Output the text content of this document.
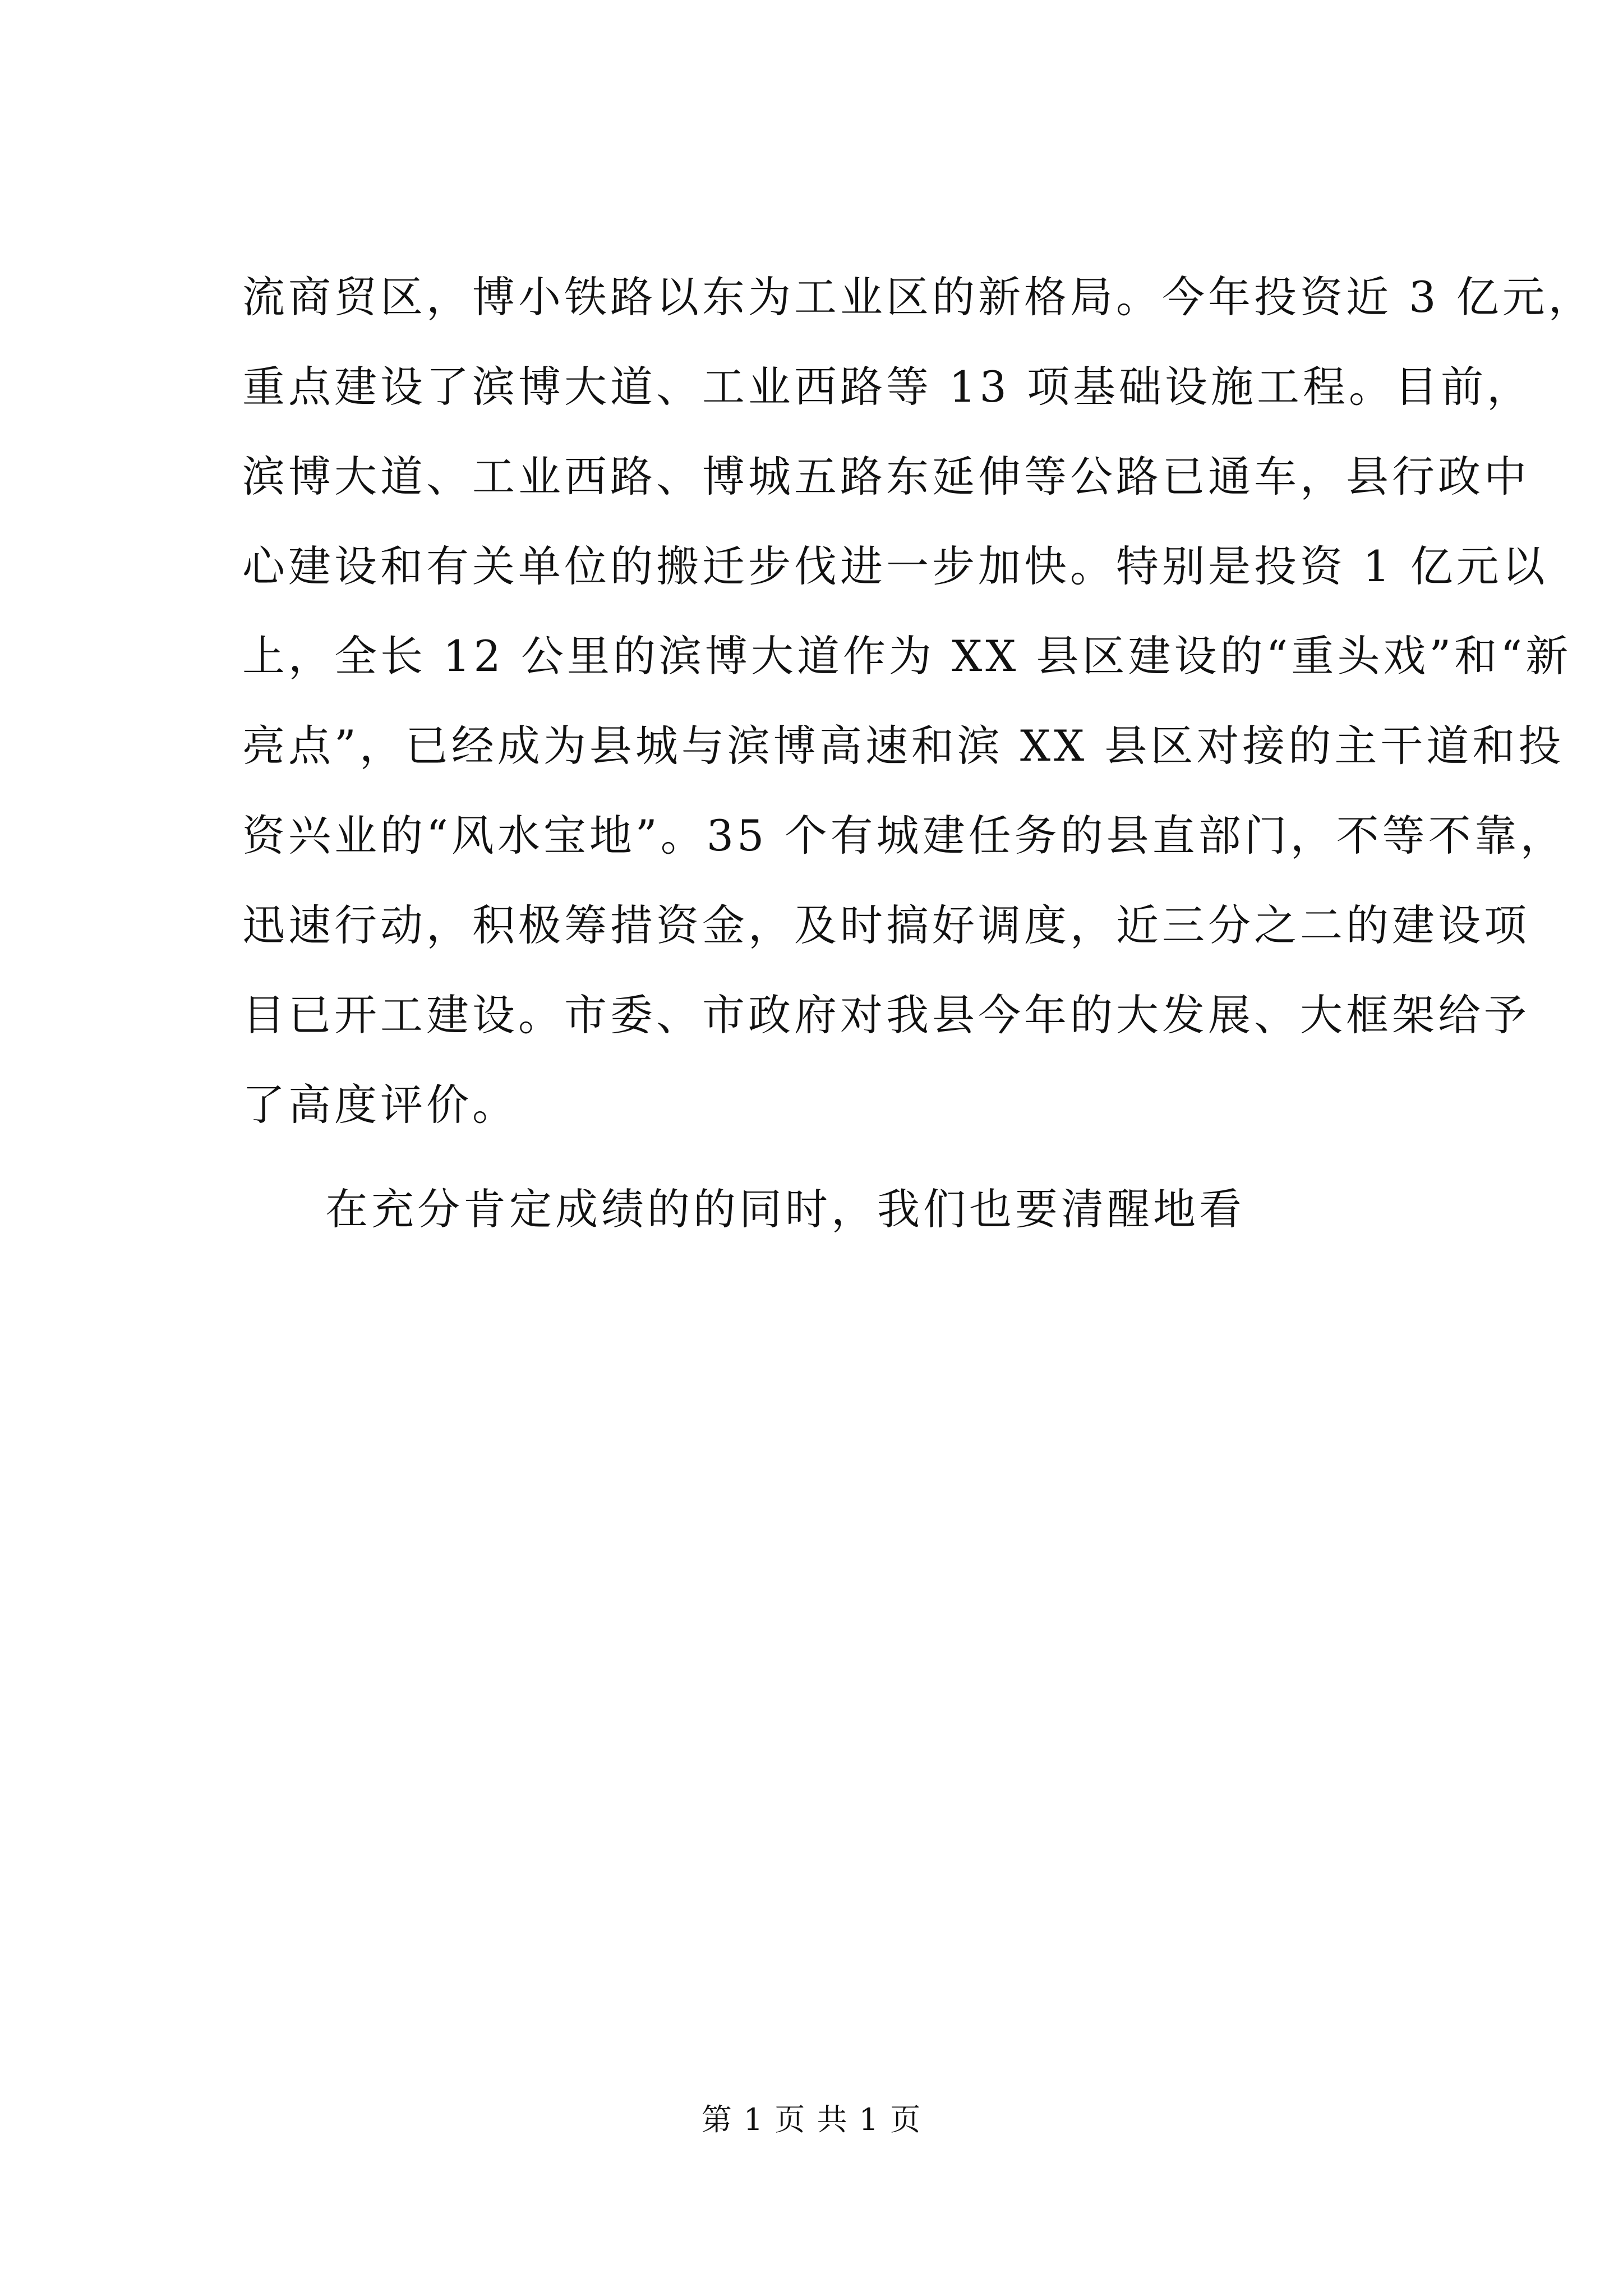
流商贸区，博小铁路以东为工业区的新格局。今年投资近 3 亿元，
重点建设了滨博大道、工业西路等 13 项基础设施工程。目前，
滨博大道、工业西路、博城五路东延伸等公路已通车，县行政中
心建设和有关单位的搬迁步伐进一步加快。特别是投资 1 亿元以
上，全长 12 公里的滨博大道作为 XX 县区建设的“重头戏”和“新
亮点”，已经成为县城与滨博高速和滨 XX 县区对接的主干道和投
资兴业的“风水宝地”。35 个有城建任务的县直部门，不等不靠，
迅速行动，积极筹措资金，及时搞好调度，近三分之二的建设项
目已开工建设。市委、市政府对我县今年的大发展、大框架给予
了高度评价。
在充分肯定成绩的的同时，我们也要清醒地看
第 1 页 共 1 页
